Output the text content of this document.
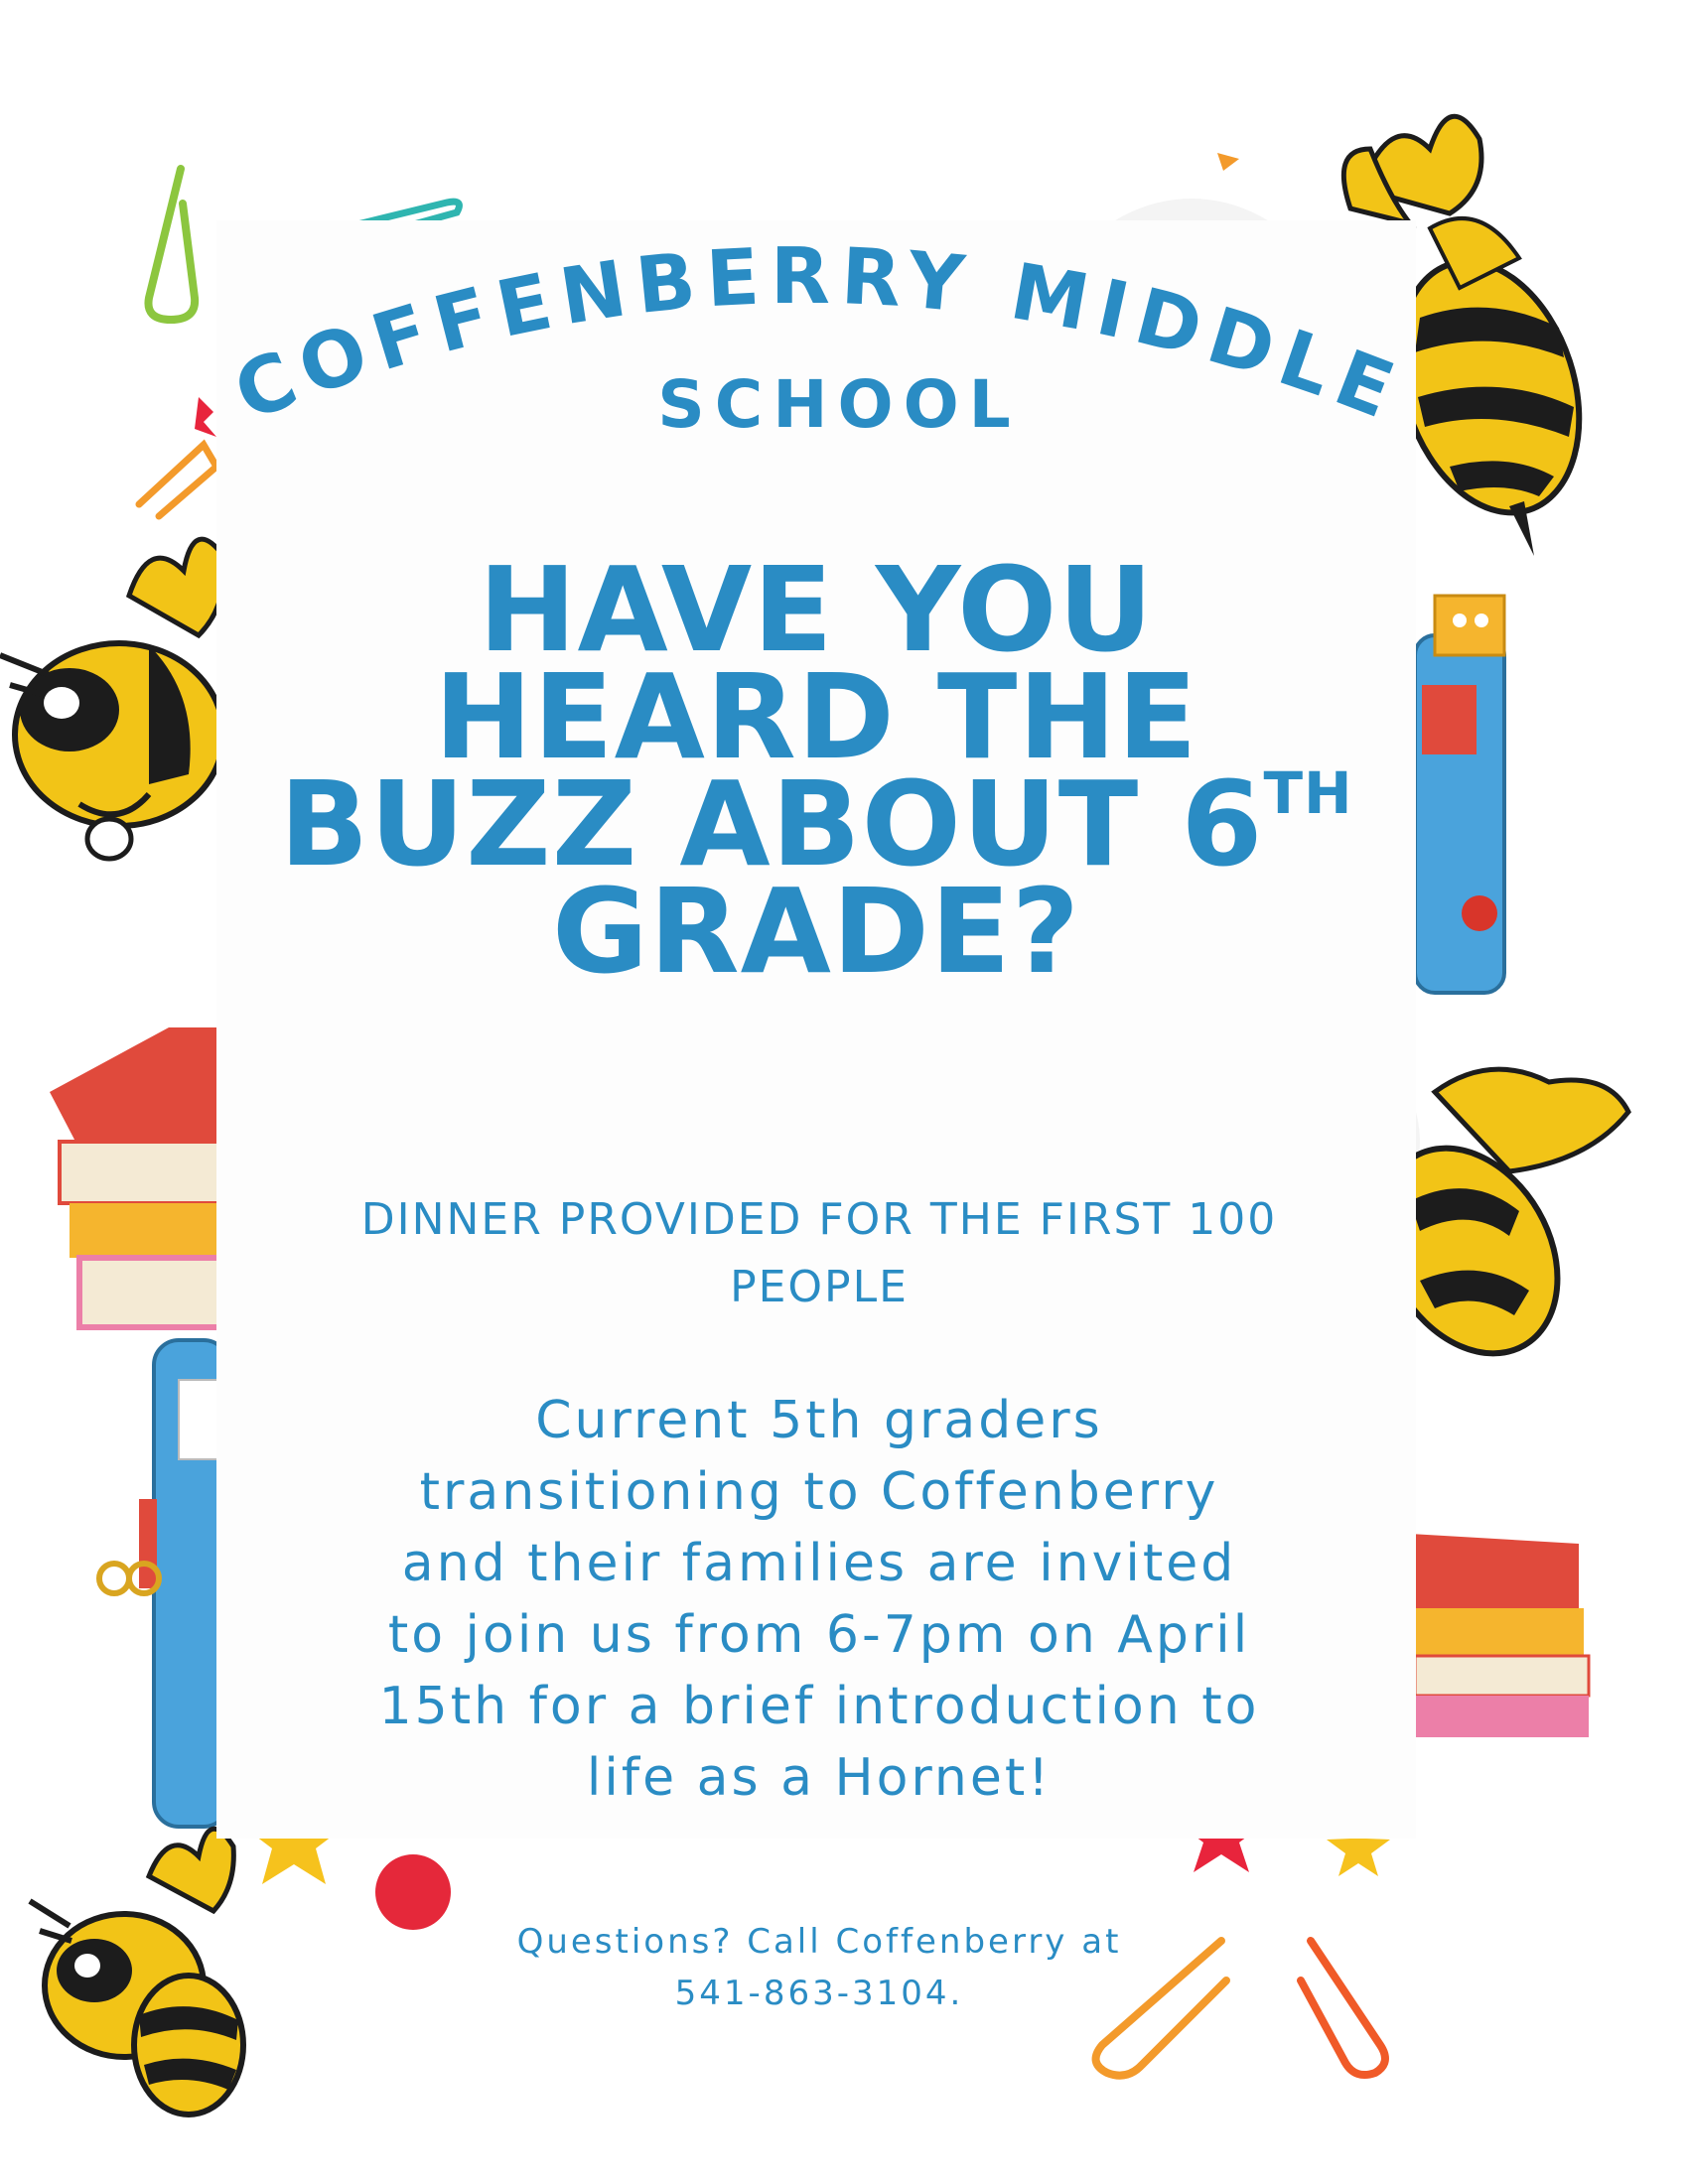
COFFENBERRY MIDDLE
SCHOOL
HAVE YOU
HEARD THE
BUZZ ABOUT 6TH
GRADE?
DINNER PROVIDED FOR THE FIRST 100
PEOPLE
Current 5th graders
transitioning to Coffenberry
and their families are invited
to join us from 6-7pm on April
15th for a brief introduction to
life as a Hornet!
Questions? Call Coffenberry at
541-863-3104.
